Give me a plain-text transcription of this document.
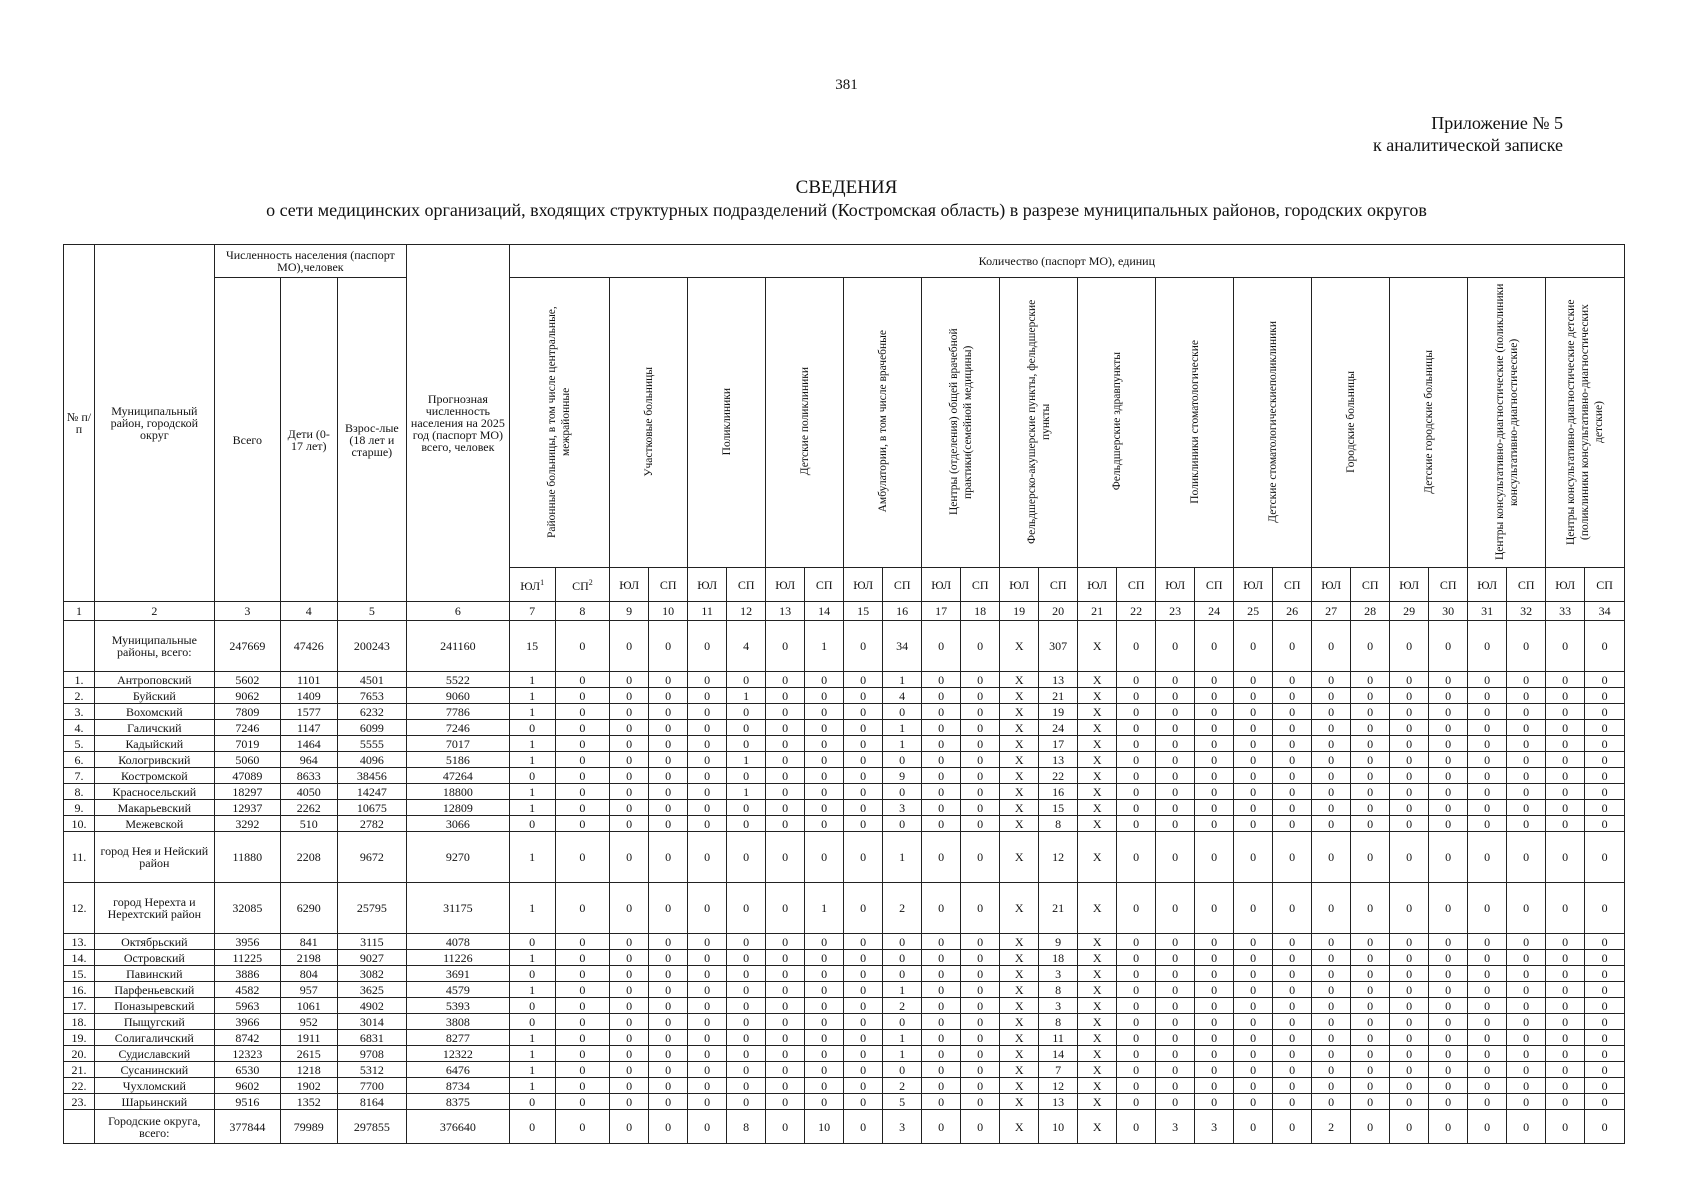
381
Приложение № 5
к аналитической записке
СВЕДЕНИЯ
о сети медицинских организаций, входящих структурных подразделений (Костромская область) в разрезе муниципальных районов, городских округов
№ п/п	Муниципальный район, городской округ	Численность населения (паспорт МО),человек			Прогнозная численность населения на 2025 год (паспорт МО) всего, человек	Количество (паспорт МО), единиц																											
		Всего	Дети (0-17 лет)	Взрос-лые (18 лет и старше)		Районные больницы, в том числе центральные, межрайонные		Участковые больницы		Поликлиники		Детские поликлиники		Амбулатории, в том числе врачебные		Центры (отделения) общей врачебной практики(семейной медицины)		Фельдшерско-акушерские пункты, фельдшерские пункты		Фельдшерские здравпункты		Поликлиники стоматологические		Детские стоматологическиеполиклиники		Городские больницы		Детские городские больницы		Центры консультативно-диагностические (поликлиники консультативно-диагностические)		Центры консультативно-диагностические детские (поликлиники консультативно-диагностических детские)	
						$ЮЛ^1$	$СП^2$	ЮЛ	СП	ЮЛ	СП	ЮЛ	СП	ЮЛ	СП	ЮЛ	СП	ЮЛ	СП	ЮЛ	СП	ЮЛ	СП	ЮЛ	СП	ЮЛ	СП	ЮЛ	СП	ЮЛ	СП	ЮЛ	СП
1	2	3	4	5	6	7	8	9	10	11	12	13	14	15	16	17	18	19	20	21	22	23	24	25	26	27	28	29	30	31	32	33	34
	Муниципальные районы, всего:	247669	47426	200243	241160	15	0	0	0	0	4	0	1	0	34	0	0	X	307	X	0	0	0	0	0	0	0	0	0	0	0	0	0
1.	Антроповский	5602	1101	4501	5522	1	0	0	0	0	0	0	0	0	1	0	0	X	13	X	0	0	0	0	0	0	0	0	0	0	0	0	0
2.	Буйский	9062	1409	7653	9060	1	0	0	0	0	1	0	0	0	4	0	0	X	21	X	0	0	0	0	0	0	0	0	0	0	0	0	0
3.	Вохомский	7809	1577	6232	7786	1	0	0	0	0	0	0	0	0	0	0	0	X	19	X	0	0	0	0	0	0	0	0	0	0	0	0	0
4.	Галичский	7246	1147	6099	7246	0	0	0	0	0	0	0	0	0	1	0	0	X	24	X	0	0	0	0	0	0	0	0	0	0	0	0	0
5.	Кадыйский	7019	1464	5555	7017	1	0	0	0	0	0	0	0	0	1	0	0	X	17	X	0	0	0	0	0	0	0	0	0	0	0	0	0
6.	Кологривский	5060	964	4096	5186	1	0	0	0	0	1	0	0	0	0	0	0	X	13	X	0	0	0	0	0	0	0	0	0	0	0	0	0
7.	Костромской	47089	8633	38456	47264	0	0	0	0	0	0	0	0	0	9	0	0	X	22	X	0	0	0	0	0	0	0	0	0	0	0	0	0
8.	Красносельский	18297	4050	14247	18800	1	0	0	0	0	1	0	0	0	0	0	0	X	16	X	0	0	0	0	0	0	0	0	0	0	0	0	0
9.	Макарьевский	12937	2262	10675	12809	1	0	0	0	0	0	0	0	0	3	0	0	X	15	X	0	0	0	0	0	0	0	0	0	0	0	0	0
10.	Межевской	3292	510	2782	3066	0	0	0	0	0	0	0	0	0	0	0	0	X	8	X	0	0	0	0	0	0	0	0	0	0	0	0	0
11.	город Нея и Нейский район	11880	2208	9672	9270	1	0	0	0	0	0	0	0	0	1	0	0	X	12	X	0	0	0	0	0	0	0	0	0	0	0	0	0
12.	город Нерехта и Нерехтский район	32085	6290	25795	31175	1	0	0	0	0	0	0	1	0	2	0	0	X	21	X	0	0	0	0	0	0	0	0	0	0	0	0	0
13.	Октябрьский	3956	841	3115	4078	0	0	0	0	0	0	0	0	0	0	0	0	X	9	X	0	0	0	0	0	0	0	0	0	0	0	0	0
14.	Островский	11225	2198	9027	11226	1	0	0	0	0	0	0	0	0	0	0	0	X	18	X	0	0	0	0	0	0	0	0	0	0	0	0	0
15.	Павинский	3886	804	3082	3691	0	0	0	0	0	0	0	0	0	0	0	0	X	3	X	0	0	0	0	0	0	0	0	0	0	0	0	0
16.	Парфеньевский	4582	957	3625	4579	1	0	0	0	0	0	0	0	0	1	0	0	X	8	X	0	0	0	0	0	0	0	0	0	0	0	0	0
17.	Поназыревский	5963	1061	4902	5393	0	0	0	0	0	0	0	0	0	2	0	0	X	3	X	0	0	0	0	0	0	0	0	0	0	0	0	0
18.	Пыщугский	3966	952	3014	3808	0	0	0	0	0	0	0	0	0	0	0	0	X	8	X	0	0	0	0	0	0	0	0	0	0	0	0	0
19.	Солигаличский	8742	1911	6831	8277	1	0	0	0	0	0	0	0	0	1	0	0	X	11	X	0	0	0	0	0	0	0	0	0	0	0	0	0
20.	Судиславский	12323	2615	9708	12322	1	0	0	0	0	0	0	0	0	1	0	0	X	14	X	0	0	0	0	0	0	0	0	0	0	0	0	0
21.	Сусанинский	6530	1218	5312	6476	1	0	0	0	0	0	0	0	0	0	0	0	X	7	X	0	0	0	0	0	0	0	0	0	0	0	0	0
22.	Чухломский	9602	1902	7700	8734	1	0	0	0	0	0	0	0	0	2	0	0	X	12	X	0	0	0	0	0	0	0	0	0	0	0	0	0
23.	Шарьинский	9516	1352	8164	8375	0	0	0	0	0	0	0	0	0	5	0	0	X	13	X	0	0	0	0	0	0	0	0	0	0	0	0	0
	Городские округа, всего:	377844	79989	297855	376640	0	0	0	0	0	8	0	10	0	3	0	0	X	10	X	0	3	3	0	0	2	0	0	0	0	0	0	0
